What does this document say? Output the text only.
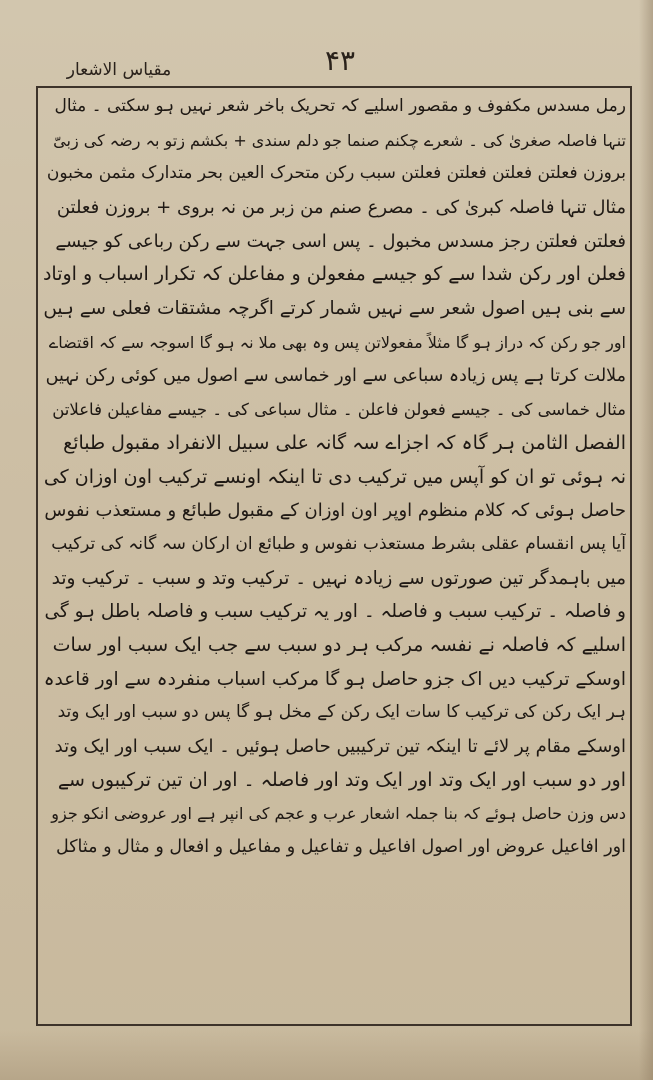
۴۳
مقیاس الاشعار
رمل مسدس مکفوف و مقصور اسلیے کہ تحریک باخر شعر نہیں ہو سکتی ۔ مثال
تنہا فاصلہ صغریٰ کی ۔ شعرے چکنم صنما جو دلم سندی + بکشم زتو بہ رضہ کی زبیّ
بروزن فعلتن فعلتن فعلتن فعلتن سبب رکن متحرک العین بحر متدارک مثمن مخبون
مثال تنہا فاصلہ کبریٰ کی ۔ مصرع صنم من زبر من نہ بروی + بروزن فعلتن
فعلتن فعلتن رجز مسدس مخبول ۔ پس اسی جہت سے رکن رباعی کو جیسے
فعلن اور رکن شدا سے کو جیسے مفعولن و مفاعلن کہ تکرار اسباب و اوتاد
سے بنی ہیں اصول شعر سے نہیں شمار کرتے اگرچہ مشتقات فعلی سے ہیں
اور جو رکن کہ دراز ہو گا مثلاً مفعولاتن پس وہ بھی ملا نہ ہو گا اسوجہ سے کہ اقتضاے
ملالت کرتا ہے پس زیادہ سباعی سے اور خماسی سے اصول میں کوئی رکن نہیں
مثال خماسی کی ۔ جیسے فعولن فاعلن ۔ مثال سباعی کی ۔ جیسے مفاعیلن فاعلاتن
الفصل الثامن ہر گاہ کہ اجزاے سہ گانہ علی سبیل الانفراد مقبول طبائع
نہ ہوئی تو ان کو آپس میں ترکیب دی تا اینکہ اونسے ترکیب اون اوزان کی
حاصل ہوئی کہ کلام منظوم اوپر اون اوزان کے مقبول طبائع و مستعذب نفوس
آیا پس انقسام عقلی بشرط مستعذب نفوس و طبائع ان ارکان سہ گانہ کی ترکیب
میں باہمدگر تین صورتوں سے زیادہ نہیں ۔ ترکیب وتد و سبب ۔ ترکیب وتد
و فاصلہ ۔ ترکیب سبب و فاصلہ ۔ اور یہ ترکیب سبب و فاصلہ باطل ہو گی
اسلیے کہ فاصلہ نے نفسہ مرکب ہر دو سبب سے جب ایک سبب اور سات
اوسکے ترکیب دیں اک جزو حاصل ہو گا مرکب اسباب منفردہ سے اور قاعدہ
ہر ایک رکن کی ترکیب کا سات ایک رکن کے مخل ہو گا پس دو سبب اور ایک وتد
اوسکے مقام پر لائے تا اینکہ تین ترکیبیں حاصل ہوئیں ۔ ایک سبب اور ایک وتد
اور دو سبب اور ایک وتد اور ایک وتد اور فاصلہ ۔ اور ان تین ترکیبوں سے
دس وزن حاصل ہوئے کہ بنا جملہ اشعار عرب و عجم کی انپر ہے اور عروضی انکو جزو
اور افاعیل عروض اور اصول افاعیل و تفاعیل و مفاعیل و افعال و مثال و مثاکل
